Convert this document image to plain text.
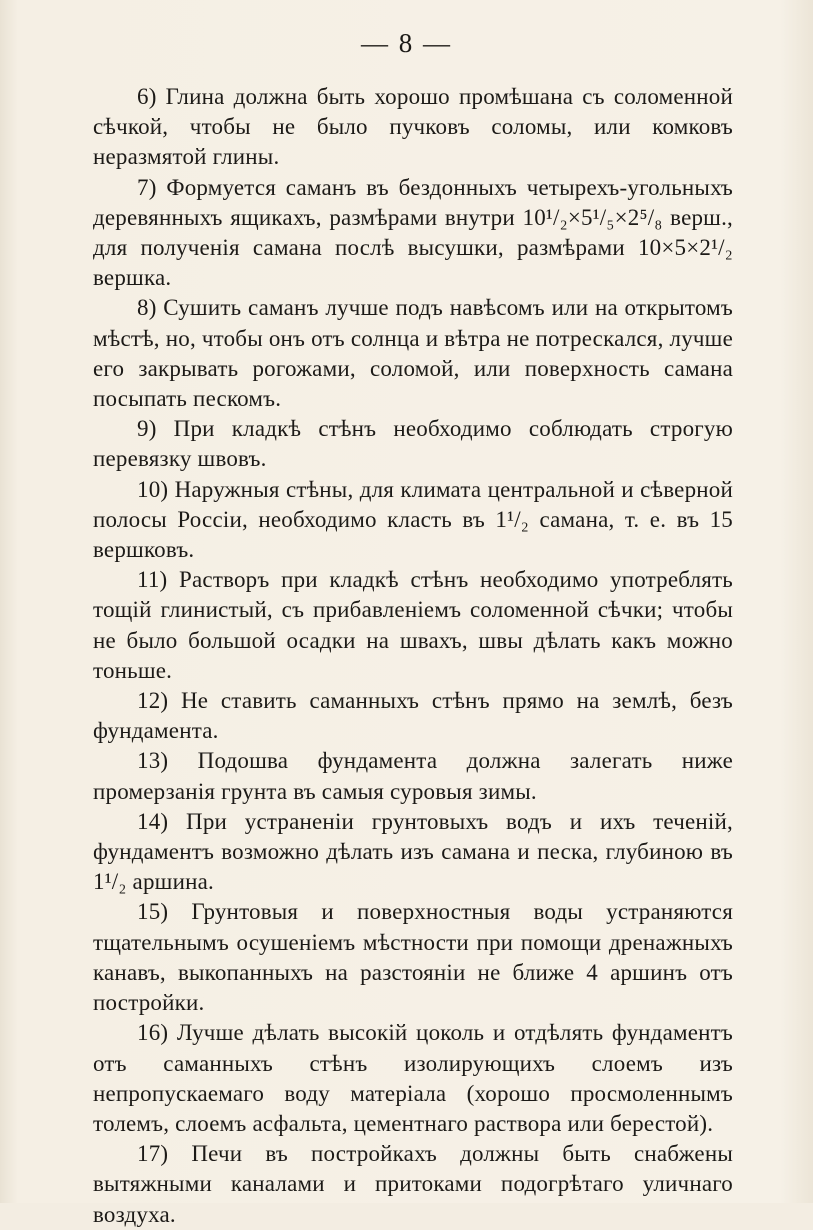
— 8 —

6) Глина должна быть хорошо промѣшана съ соломенной сѣчкой, чтобы не было пучковъ соломы, или комковъ неразмятой глины.

7) Формуется саманъ въ бездонныхъ четырехъ-угольныхъ деревянныхъ ящикахъ, размѣрами внутри 10¹/₂×5¹/₅×2⁵/₈ верш., для полученія самана послѣ высушки, размѣрами 10×5×2¹/₂ вершка.

8) Сушить саманъ лучше подъ навѣсомъ или на открытомъ мѣстѣ, но, чтобы онъ отъ солнца и вѣтра не потрескался, лучше его закрывать рогожами, соломой, или поверхность самана посыпать пескомъ.

9) При кладкѣ стѣнъ необходимо соблюдать строгую перевязку швовъ.

10) Наружныя стѣны, для климата центральной и сѣверной полосы Россіи, необходимо класть въ 1¹/₂ самана, т. е. въ 15 вершковъ.

11) Растворъ при кладкѣ стѣнъ необходимо употреблять тощій глинистый, съ прибавленіемъ соломенной сѣчки; чтобы не было большой осадки на швахъ, швы дѣлать какъ можно тоньше.

12) Не ставить саманныхъ стѣнъ прямо на землѣ, безъ фундамента.

13) Подошва фундамента должна залегать ниже промерзанія грунта въ самыя суровыя зимы.

14) При устраненіи грунтовыхъ водъ и ихъ теченій, фундаментъ возможно дѣлать изъ самана и песка, глубиною въ 1¹/₂ аршина.

15) Грунтовыя и поверхностныя воды устраняются тщательнымъ осушеніемъ мѣстности при помощи дренажныхъ канавъ, выкопанныхъ на разстояніи не ближе 4 аршинъ отъ постройки.

16) Лучше дѣлать высокій цоколь и отдѣлять фундаментъ отъ саманныхъ стѣнъ изолирующихъ слоемъ изъ непропускаемаго воду матеріала (хорошо просмоленнымъ толемъ, слоемъ асфальта, цементнаго раствора или берестой).

17) Печи въ постройкахъ должны быть снабжены вытяжными каналами и притоками подогрѣтаго уличнаго воздуха.
